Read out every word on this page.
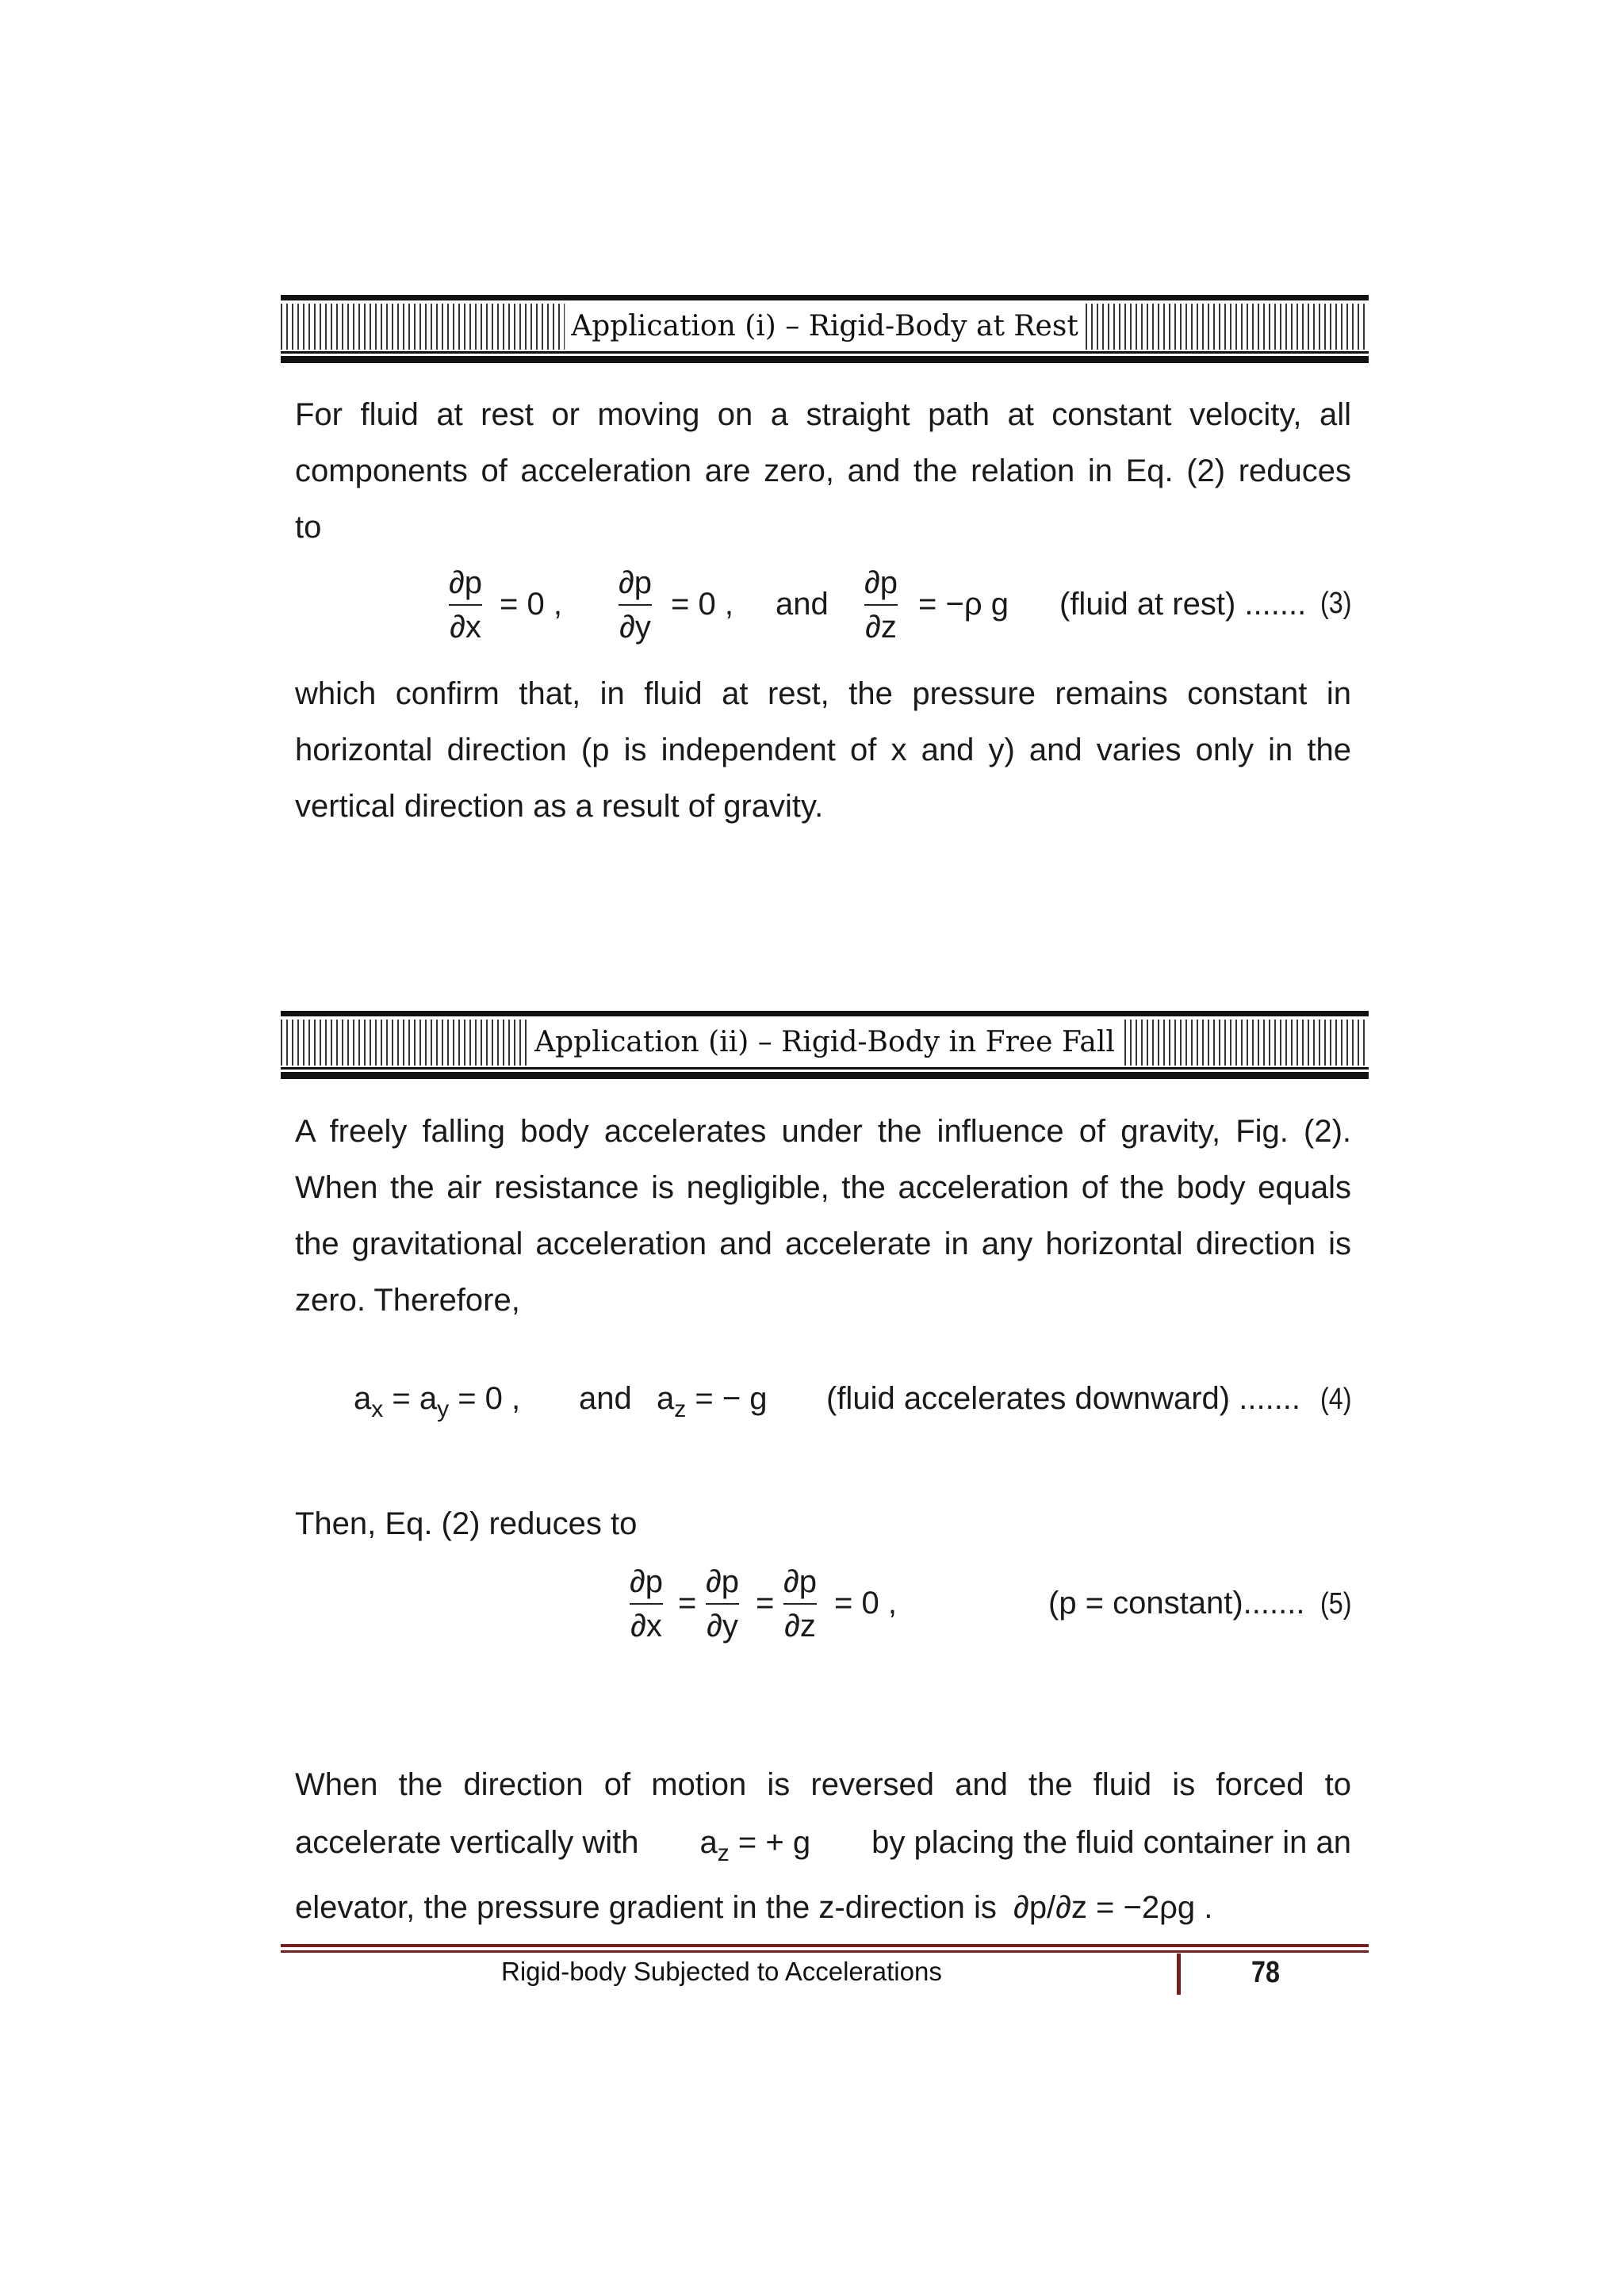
Application (i) – Rigid-Body at Rest
For fluid at rest or moving on a straight path at constant velocity, all
components of acceleration are zero, and the relation in Eq. (2) reduces
to
∂p
∂x
= 0 ,
∂p
∂y
= 0 , and
∂p
∂z
= −ρ g (fluid at rest) ....... (3)
which confirm that, in fluid at rest, the pressure remains constant in
horizontal direction (p is independent of x and y) and varies only in the
vertical direction as a result of gravity.
Application (ii) – Rigid-Body in Free Fall
A freely falling body accelerates under the influence of gravity, Fig. (2).
When the air resistance is negligible, the acceleration of the body equals
the gravitational acceleration and accelerate in any horizontal direction is
zero. Therefore,
$a_x = a_y = 0$ , and $a_z$ = − g (fluid accelerates downward) ....... (4)
Then, Eq. (2) reduces to
∂p
∂x
=
∂p
∂y
=
∂p
∂z
= 0 ,	(p = constant)....... (5)
When the direction of motion is reversed and the fluid is forced to
accelerate vertically with $a_z$ = + g by placing the fluid container in an
elevator, the pressure gradient in the z-direction is ∂p/∂z = −2ρg .
Rigid-body Subjected to Accelerations	78
